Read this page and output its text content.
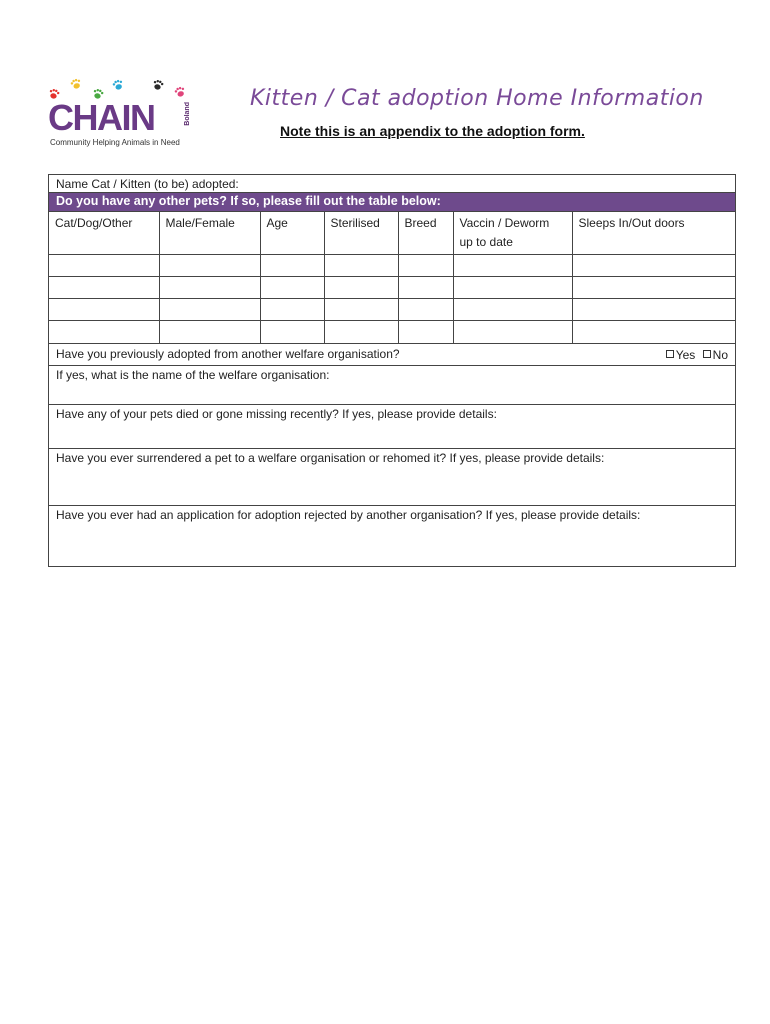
CHAIN	Boland
Community Helping Animals in Need
Kitten / Cat adoption Home Information
Note this is an appendix to the adoption form.
Name Cat / Kitten (to be) adopted:
Do you have any other pets? If so, please fill out the table below:
Cat/Dog/Other	Male/Female	Age	Sterilised	Breed	Vaccin / Deworm up to date	Sleeps In/Out doors

Have you previously adopted from another welfare organisation?	Yes No
If yes, what is the name of the welfare organisation:
Have any of your pets died or gone missing recently? If yes, please provide details:
Have you ever surrendered a pet to a welfare organisation or rehomed it? If yes, please provide details:
Have you ever had an application for adoption rejected by another organisation? If yes, please provide details:
